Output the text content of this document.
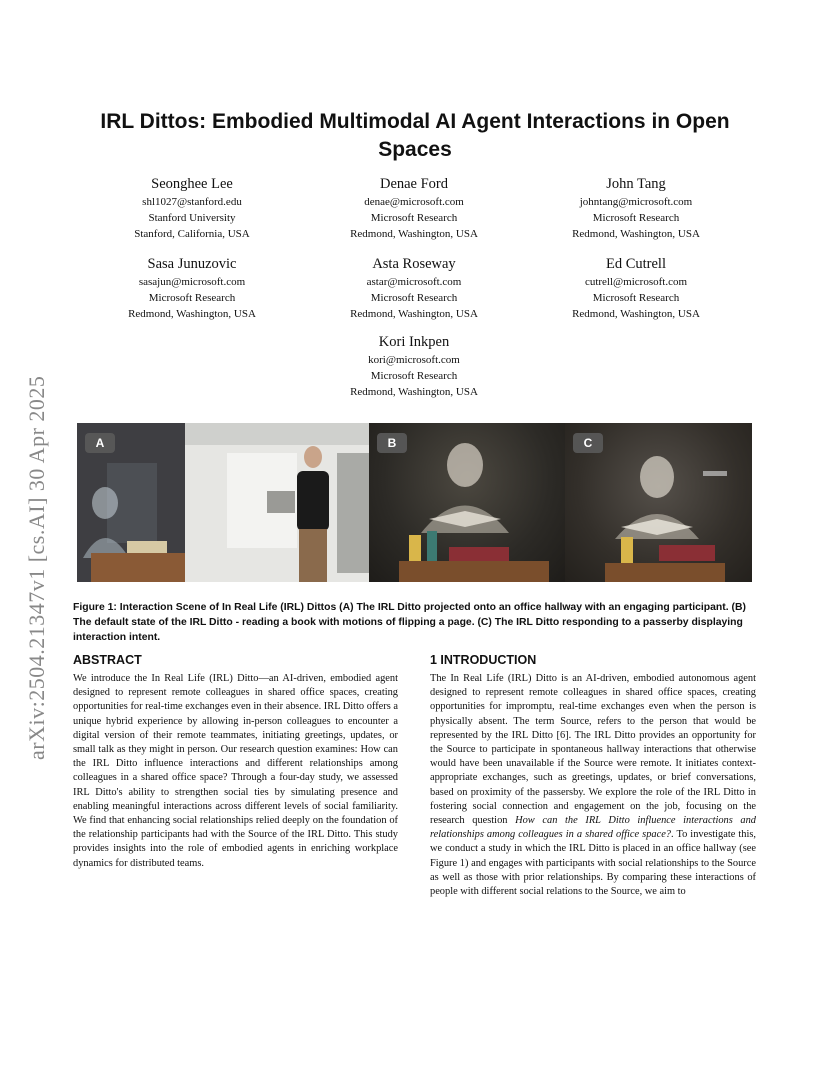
arXiv:2504.21347v1 [cs.AI] 30 Apr 2025
IRL Dittos: Embodied Multimodal AI Agent Interactions in Open Spaces
Seonghee Lee
shl1027@stanford.edu
Stanford University
Stanford, California, USA
Denae Ford
denae@microsoft.com
Microsoft Research
Redmond, Washington, USA
John Tang
johntang@microsoft.com
Microsoft Research
Redmond, Washington, USA
Sasa Junuzovic
sasajun@microsoft.com
Microsoft Research
Redmond, Washington, USA
Asta Roseway
astar@microsoft.com
Microsoft Research
Redmond, Washington, USA
Ed Cutrell
cutrell@microsoft.com
Microsoft Research
Redmond, Washington, USA
Kori Inkpen
kori@microsoft.com
Microsoft Research
Redmond, Washington, USA
A	B	C
Figure 1: Interaction Scene of In Real Life (IRL) Dittos (A) The IRL Ditto projected onto an office hallway with an engaging participant. (B) The default state of the IRL Ditto - reading a book with motions of flipping a page. (C) The IRL Ditto responding to a passerby displaying interaction intent.
ABSTRACT
We introduce the In Real Life (IRL) Ditto—an AI-driven, embodied agent designed to represent remote colleagues in shared office spaces, creating opportunities for real-time exchanges even in their absence. IRL Ditto offers a unique hybrid experience by allowing in-person colleagues to encounter a digital version of their remote teammates, initiating greetings, updates, or small talk as they might in person. Our research question examines: How can the IRL Ditto influence interactions and different relationships among colleagues in a shared office space? Through a four-day study, we assessed IRL Ditto's ability to strengthen social ties by simulating presence and enabling meaningful interactions across different levels of social familiarity. We find that enhancing social relationships relied deeply on the foundation of the relationship participants had with the Source of the IRL Ditto. This study provides insights into the role of embodied agents in enriching workplace dynamics for distributed teams.
1 INTRODUCTION
The In Real Life (IRL) Ditto is an AI-driven, embodied autonomous agent designed to represent remote colleagues in shared office spaces, creating opportunities for impromptu, real-time exchanges even when the person is physically absent. The term Source, refers to the person that would be represented by the IRL Ditto [6]. The IRL Ditto provides an opportunity for the Source to participate in spontaneous hallway interactions that otherwise would have been unavailable if the Source were remote. It initiates context-appropriate exchanges, such as greetings, updates, or brief conversations, based on proximity of the passersby. We explore the role of the IRL Ditto in fostering social connection and engagement on the job, focusing on the research question How can the IRL Ditto influence interactions and relationships among colleagues in a shared office space?. To investigate this, we conduct a study in which the IRL Ditto is placed in an office hallway (see Figure 1) and engages with participants with social relationships to the Source as well as those with prior relationships. By comparing these interactions of people with different social relations to the Source, we aim to
